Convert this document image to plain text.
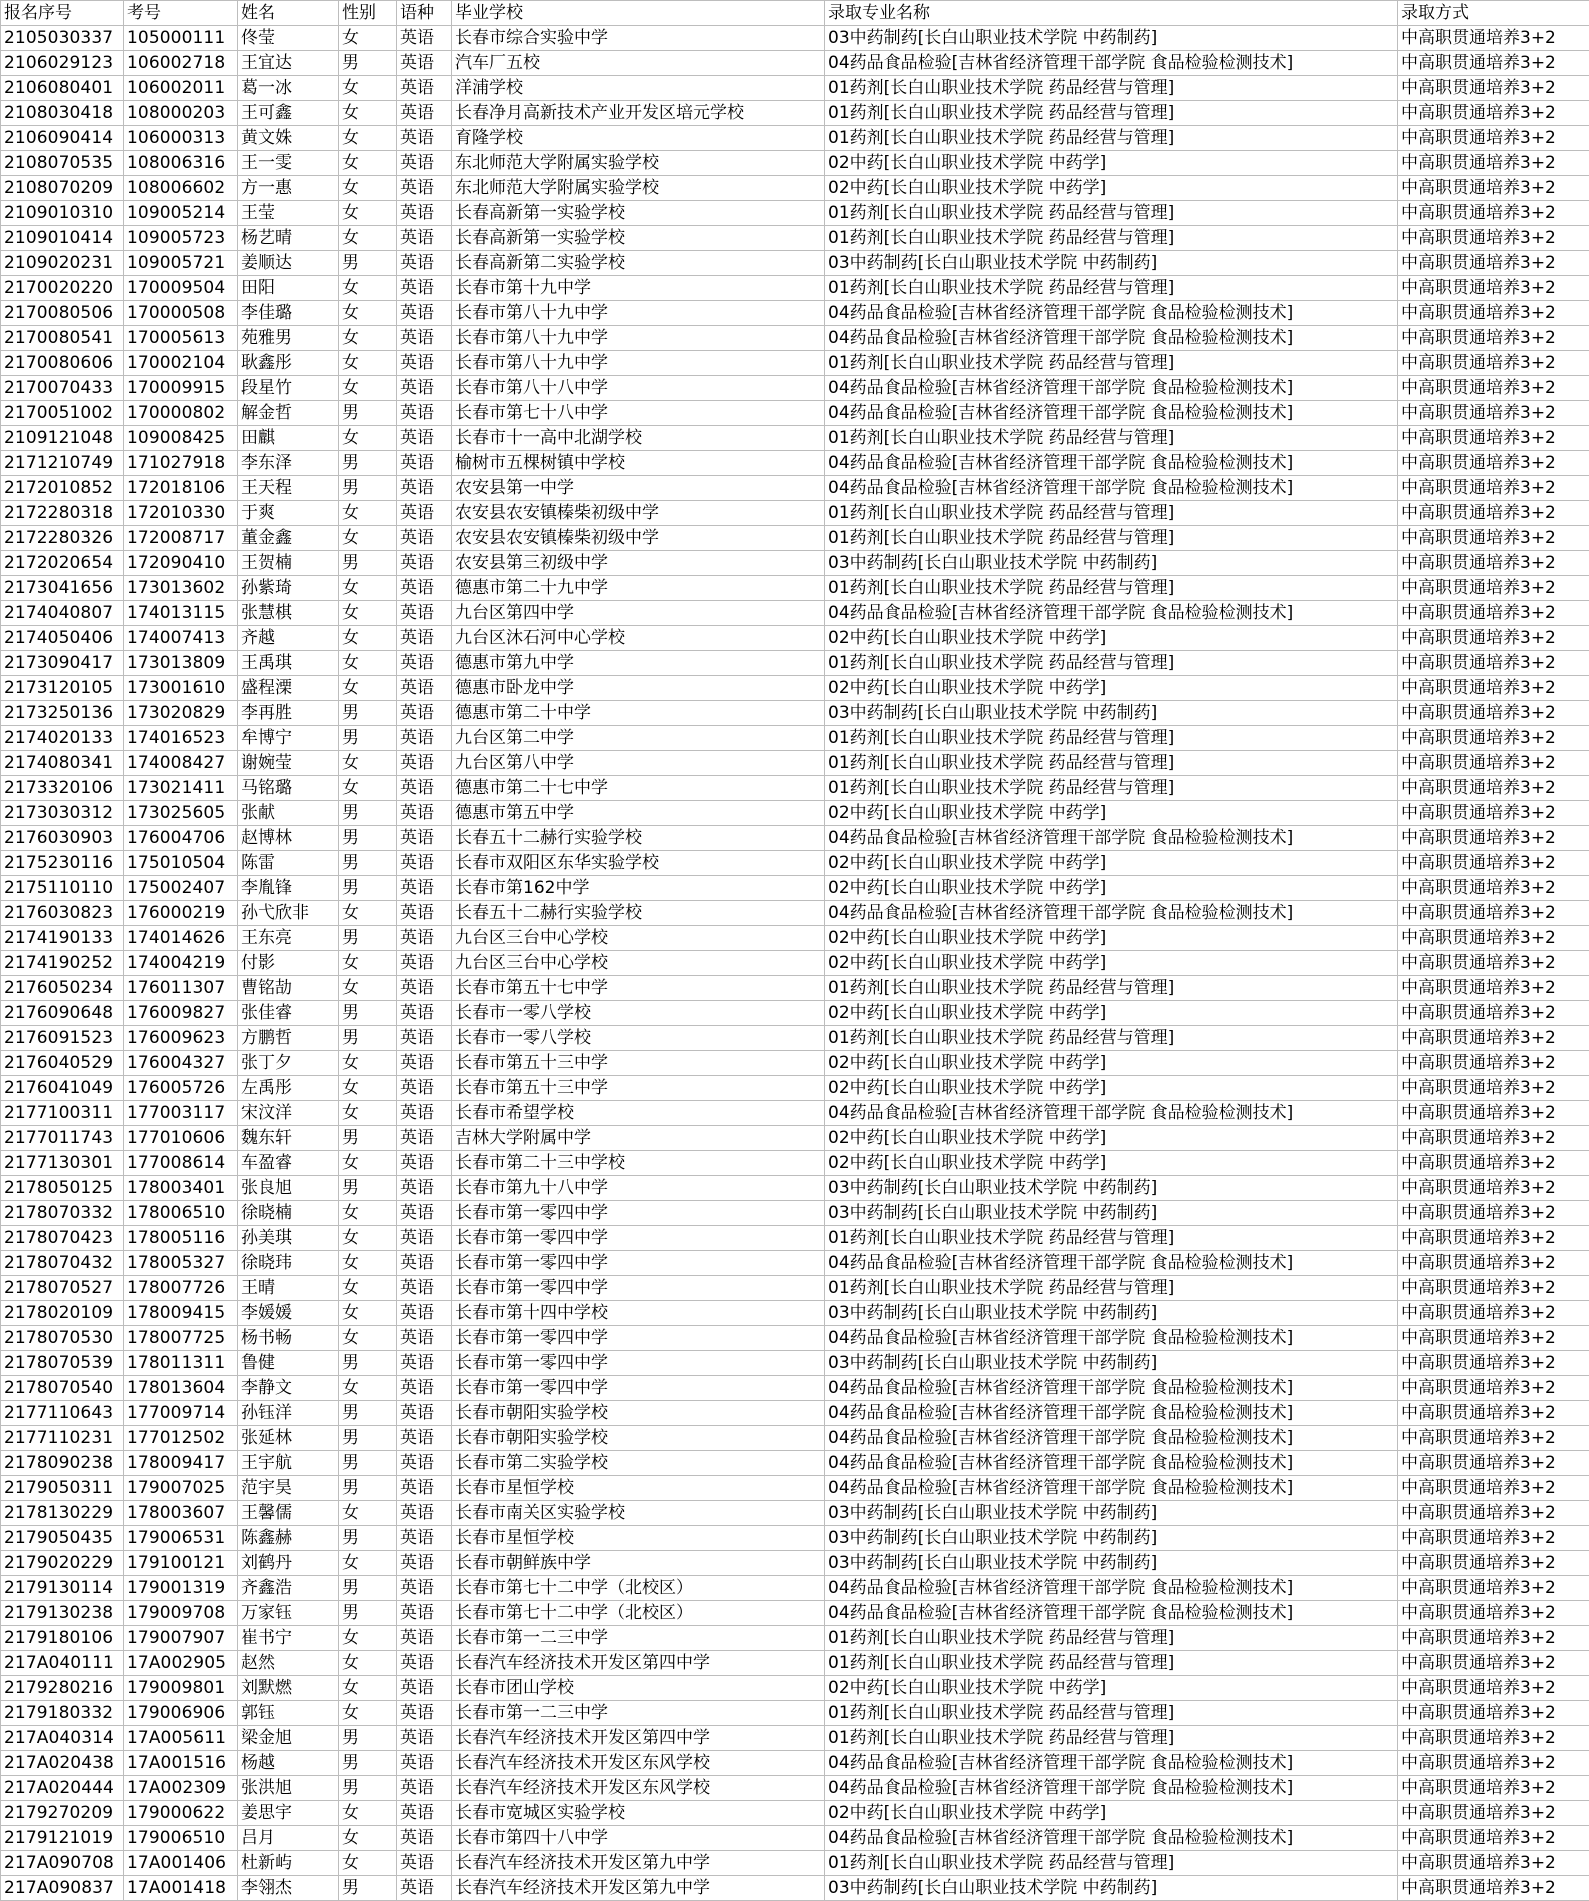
报名序号	考号	姓名	性别	语种	毕业学校	录取专业名称	录取方式
2105030337	105000111	佟莹	女	英语	长春市综合实验中学	03中药制药[长白山职业技术学院 中药制药]	中高职贯通培养3+2
2106029123	106002718	王宜达	男	英语	汽车厂五校	04药品食品检验[吉林省经济管理干部学院 食品检验检测技术]	中高职贯通培养3+2
2106080401	106002011	葛一冰	女	英语	洋浦学校	01药剂[长白山职业技术学院 药品经营与管理]	中高职贯通培养3+2
2108030418	108000203	王可鑫	女	英语	长春净月高新技术产业开发区培元学校	01药剂[长白山职业技术学院 药品经营与管理]	中高职贯通培养3+2
2106090414	106000313	黄文姝	女	英语	育隆学校	01药剂[长白山职业技术学院 药品经营与管理]	中高职贯通培养3+2
2108070535	108006316	王一雯	女	英语	东北师范大学附属实验学校	02中药[长白山职业技术学院 中药学]	中高职贯通培养3+2
2108070209	108006602	方一惠	女	英语	东北师范大学附属实验学校	02中药[长白山职业技术学院 中药学]	中高职贯通培养3+2
2109010310	109005214	王莹	女	英语	长春高新第一实验学校	01药剂[长白山职业技术学院 药品经营与管理]	中高职贯通培养3+2
2109010414	109005723	杨艺晴	女	英语	长春高新第一实验学校	01药剂[长白山职业技术学院 药品经营与管理]	中高职贯通培养3+2
2109020231	109005721	姜顺达	男	英语	长春高新第二实验学校	03中药制药[长白山职业技术学院 中药制药]	中高职贯通培养3+2
2170020220	170009504	田阳	女	英语	长春市第十九中学	01药剂[长白山职业技术学院 药品经营与管理]	中高职贯通培养3+2
2170080506	170000508	李佳璐	女	英语	长春市第八十九中学	04药品食品检验[吉林省经济管理干部学院 食品检验检测技术]	中高职贯通培养3+2
2170080541	170005613	苑雅男	女	英语	长春市第八十九中学	04药品食品检验[吉林省经济管理干部学院 食品检验检测技术]	中高职贯通培养3+2
2170080606	170002104	耿鑫彤	女	英语	长春市第八十九中学	01药剂[长白山职业技术学院 药品经营与管理]	中高职贯通培养3+2
2170070433	170009915	段星竹	女	英语	长春市第八十八中学	04药品食品检验[吉林省经济管理干部学院 食品检验检测技术]	中高职贯通培养3+2
2170051002	170000802	解金哲	男	英语	长春市第七十八中学	04药品食品检验[吉林省经济管理干部学院 食品检验检测技术]	中高职贯通培养3+2
2109121048	109008425	田麒	女	英语	长春市十一高中北湖学校	01药剂[长白山职业技术学院 药品经营与管理]	中高职贯通培养3+2
2171210749	171027918	李东泽	男	英语	榆树市五棵树镇中学校	04药品食品检验[吉林省经济管理干部学院 食品检验检测技术]	中高职贯通培养3+2
2172010852	172018106	王天程	男	英语	农安县第一中学	04药品食品检验[吉林省经济管理干部学院 食品检验检测技术]	中高职贯通培养3+2
2172280318	172010330	于爽	女	英语	农安县农安镇榛柴初级中学	01药剂[长白山职业技术学院 药品经营与管理]	中高职贯通培养3+2
2172280326	172008717	董金鑫	女	英语	农安县农安镇榛柴初级中学	01药剂[长白山职业技术学院 药品经营与管理]	中高职贯通培养3+2
2172020654	172090410	王贺楠	男	英语	农安县第三初级中学	03中药制药[长白山职业技术学院 中药制药]	中高职贯通培养3+2
2173041656	173013602	孙紫琦	女	英语	德惠市第二十九中学	01药剂[长白山职业技术学院 药品经营与管理]	中高职贯通培养3+2
2174040807	174013115	张慧棋	女	英语	九台区第四中学	04药品食品检验[吉林省经济管理干部学院 食品检验检测技术]	中高职贯通培养3+2
2174050406	174007413	齐越	女	英语	九台区沐石河中心学校	02中药[长白山职业技术学院 中药学]	中高职贯通培养3+2
2173090417	173013809	王禹琪	女	英语	德惠市第九中学	01药剂[长白山职业技术学院 药品经营与管理]	中高职贯通培养3+2
2173120105	173001610	盛程溧	女	英语	德惠市卧龙中学	02中药[长白山职业技术学院 中药学]	中高职贯通培养3+2
2173250136	173020829	李再胜	男	英语	德惠市第二十中学	03中药制药[长白山职业技术学院 中药制药]	中高职贯通培养3+2
2174020133	174016523	牟博宁	男	英语	九台区第二中学	01药剂[长白山职业技术学院 药品经营与管理]	中高职贯通培养3+2
2174080341	174008427	谢婉莹	女	英语	九台区第八中学	01药剂[长白山职业技术学院 药品经营与管理]	中高职贯通培养3+2
2173320106	173021411	马铭璐	女	英语	德惠市第二十七中学	01药剂[长白山职业技术学院 药品经营与管理]	中高职贯通培养3+2
2173030312	173025605	张献	男	英语	德惠市第五中学	02中药[长白山职业技术学院 中药学]	中高职贯通培养3+2
2176030903	176004706	赵博林	男	英语	长春五十二赫行实验学校	04药品食品检验[吉林省经济管理干部学院 食品检验检测技术]	中高职贯通培养3+2
2175230116	175010504	陈雷	男	英语	长春市双阳区东华实验学校	02中药[长白山职业技术学院 中药学]	中高职贯通培养3+2
2175110110	175002407	李胤锋	男	英语	长春市第162中学	02中药[长白山职业技术学院 中药学]	中高职贯通培养3+2
2176030823	176000219	孙弋欣非	女	英语	长春五十二赫行实验学校	04药品食品检验[吉林省经济管理干部学院 食品检验检测技术]	中高职贯通培养3+2
2174190133	174014626	王东亮	男	英语	九台区三台中心学校	02中药[长白山职业技术学院 中药学]	中高职贯通培养3+2
2174190252	174004219	付影	女	英语	九台区三台中心学校	02中药[长白山职业技术学院 中药学]	中高职贯通培养3+2
2176050234	176011307	曹铭劼	女	英语	长春市第五十七中学	01药剂[长白山职业技术学院 药品经营与管理]	中高职贯通培养3+2
2176090648	176009827	张佳睿	男	英语	长春市一零八学校	02中药[长白山职业技术学院 中药学]	中高职贯通培养3+2
2176091523	176009623	方鹏哲	男	英语	长春市一零八学校	01药剂[长白山职业技术学院 药品经营与管理]	中高职贯通培养3+2
2176040529	176004327	张丁夕	女	英语	长春市第五十三中学	02中药[长白山职业技术学院 中药学]	中高职贯通培养3+2
2176041049	176005726	左禹彤	女	英语	长春市第五十三中学	02中药[长白山职业技术学院 中药学]	中高职贯通培养3+2
2177100311	177003117	宋汶洋	女	英语	长春市希望学校	04药品食品检验[吉林省经济管理干部学院 食品检验检测技术]	中高职贯通培养3+2
2177011743	177010606	魏东轩	男	英语	吉林大学附属中学	02中药[长白山职业技术学院 中药学]	中高职贯通培养3+2
2177130301	177008614	车盈睿	女	英语	长春市第二十三中学校	02中药[长白山职业技术学院 中药学]	中高职贯通培养3+2
2178050125	178003401	张良旭	男	英语	长春市第九十八中学	03中药制药[长白山职业技术学院 中药制药]	中高职贯通培养3+2
2178070332	178006510	徐晓楠	女	英语	长春市第一零四中学	03中药制药[长白山职业技术学院 中药制药]	中高职贯通培养3+2
2178070423	178005116	孙美琪	女	英语	长春市第一零四中学	01药剂[长白山职业技术学院 药品经营与管理]	中高职贯通培养3+2
2178070432	178005327	徐晓玮	女	英语	长春市第一零四中学	04药品食品检验[吉林省经济管理干部学院 食品检验检测技术]	中高职贯通培养3+2
2178070527	178007726	王晴	女	英语	长春市第一零四中学	01药剂[长白山职业技术学院 药品经营与管理]	中高职贯通培养3+2
2178020109	178009415	李媛媛	女	英语	长春市第十四中学校	03中药制药[长白山职业技术学院 中药制药]	中高职贯通培养3+2
2178070530	178007725	杨书畅	女	英语	长春市第一零四中学	04药品食品检验[吉林省经济管理干部学院 食品检验检测技术]	中高职贯通培养3+2
2178070539	178011311	鲁健	男	英语	长春市第一零四中学	03中药制药[长白山职业技术学院 中药制药]	中高职贯通培养3+2
2178070540	178013604	李静文	女	英语	长春市第一零四中学	04药品食品检验[吉林省经济管理干部学院 食品检验检测技术]	中高职贯通培养3+2
2177110643	177009714	孙钰洋	男	英语	长春市朝阳实验学校	04药品食品检验[吉林省经济管理干部学院 食品检验检测技术]	中高职贯通培养3+2
2177110231	177012502	张延林	男	英语	长春市朝阳实验学校	04药品食品检验[吉林省经济管理干部学院 食品检验检测技术]	中高职贯通培养3+2
2178090238	178009417	王宇航	男	英语	长春市第二实验学校	04药品食品检验[吉林省经济管理干部学院 食品检验检测技术]	中高职贯通培养3+2
2179050311	179007025	范宇昊	男	英语	长春市星恒学校	04药品食品检验[吉林省经济管理干部学院 食品检验检测技术]	中高职贯通培养3+2
2178130229	178003607	王馨儒	女	英语	长春市南关区实验学校	03中药制药[长白山职业技术学院 中药制药]	中高职贯通培养3+2
2179050435	179006531	陈鑫赫	男	英语	长春市星恒学校	03中药制药[长白山职业技术学院 中药制药]	中高职贯通培养3+2
2179020229	179100121	刘鹤丹	女	英语	长春市朝鲜族中学	03中药制药[长白山职业技术学院 中药制药]	中高职贯通培养3+2
2179130114	179001319	齐鑫浩	男	英语	长春市第七十二中学（北校区）	04药品食品检验[吉林省经济管理干部学院 食品检验检测技术]	中高职贯通培养3+2
2179130238	179009708	万家钰	男	英语	长春市第七十二中学（北校区）	04药品食品检验[吉林省经济管理干部学院 食品检验检测技术]	中高职贯通培养3+2
2179180106	179007907	崔书宁	女	英语	长春市第一二三中学	01药剂[长白山职业技术学院 药品经营与管理]	中高职贯通培养3+2
217A040111	17A002905	赵然	女	英语	长春汽车经济技术开发区第四中学	01药剂[长白山职业技术学院 药品经营与管理]	中高职贯通培养3+2
2179280216	179009801	刘默燃	女	英语	长春市团山学校	02中药[长白山职业技术学院 中药学]	中高职贯通培养3+2
2179180332	179006906	郭钰	女	英语	长春市第一二三中学	01药剂[长白山职业技术学院 药品经营与管理]	中高职贯通培养3+2
217A040314	17A005611	梁金旭	男	英语	长春汽车经济技术开发区第四中学	01药剂[长白山职业技术学院 药品经营与管理]	中高职贯通培养3+2
217A020438	17A001516	杨越	男	英语	长春汽车经济技术开发区东风学校	04药品食品检验[吉林省经济管理干部学院 食品检验检测技术]	中高职贯通培养3+2
217A020444	17A002309	张洪旭	男	英语	长春汽车经济技术开发区东风学校	04药品食品检验[吉林省经济管理干部学院 食品检验检测技术]	中高职贯通培养3+2
2179270209	179000622	姜思宇	女	英语	长春市宽城区实验学校	02中药[长白山职业技术学院 中药学]	中高职贯通培养3+2
2179121019	179006510	吕月	女	英语	长春市第四十八中学	04药品食品检验[吉林省经济管理干部学院 食品检验检测技术]	中高职贯通培养3+2
217A090708	17A001406	杜新屿	女	英语	长春汽车经济技术开发区第九中学	01药剂[长白山职业技术学院 药品经营与管理]	中高职贯通培养3+2
217A090837	17A001418	李翎杰	男	英语	长春汽车经济技术开发区第九中学	03中药制药[长白山职业技术学院 中药制药]	中高职贯通培养3+2
